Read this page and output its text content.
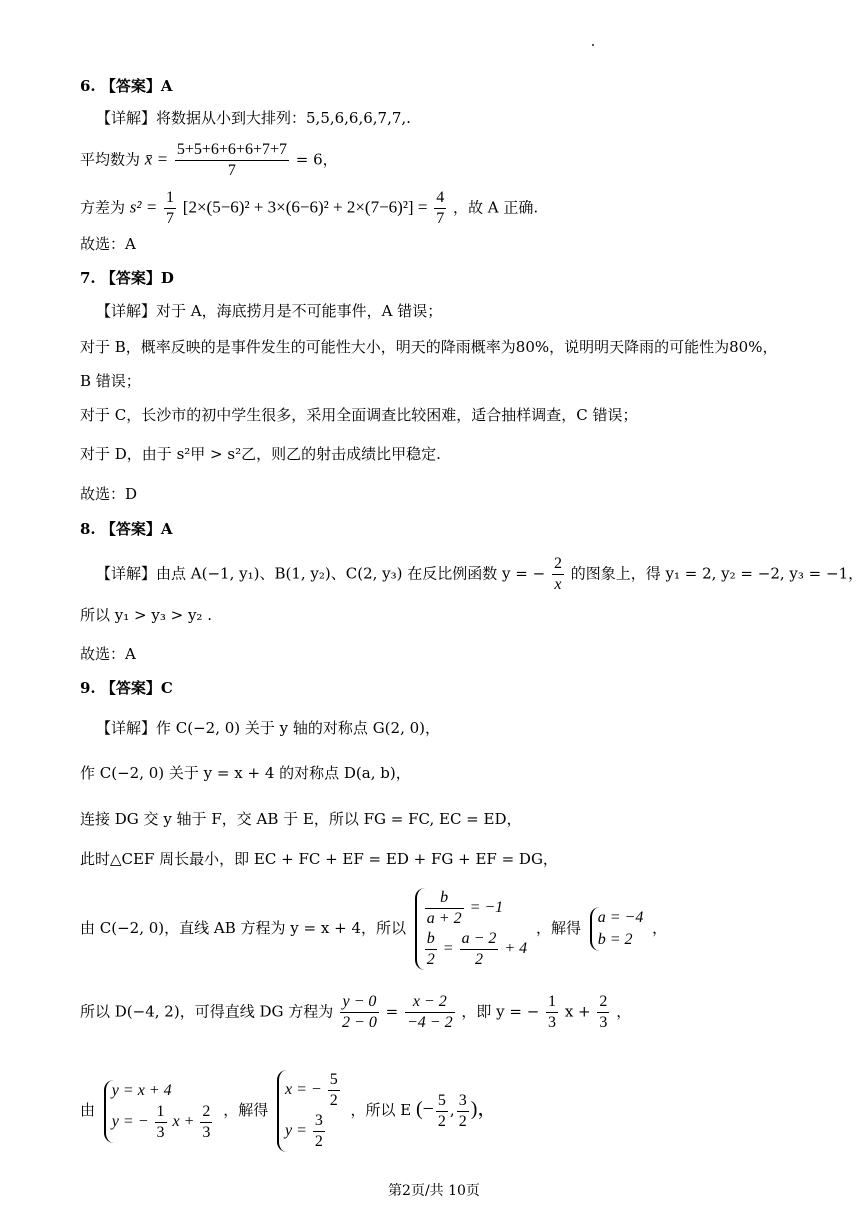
6. 【答案】A
【详解】将数据从小到大排列：5,5,6,6,6,7,7,.
平均数为 x̄ = $\frac{5+5+6+6+6+7+7}{7} = 6$，
方差为 $s^2 = \frac{1}{7} [2\times(5-6)^2 + 3\times(6-6)^2 + 2\times(7-6)^2] = \frac{4}{7}$ ，故 A 正确.
故选：A
7. 【答案】D
【详解】对于 A，海底捞月是不可能事件，A 错误；
对于 B，概率反映的是事件发生的可能性大小，明天的降雨概率为80%，说明明天降雨的可能性为80%，
B 错误；
对于 C，长沙市的初中学生很多，采用全面调查比较困难，适合抽样调查，C 错误；
对于 D，由于 s²甲 > s²乙，则乙的射击成绩比甲稳定.
故选：D
8. 【答案】A
【详解】由点 A(−1, y₁)、B(1, y₂)、C(2, y₃) 在反比例函数 y = − $\frac{2}{x}$ 的图象上，得 y₁ = 2, y₂ = −2, y₃ = −1，
所以 y₁ > y₃ > y₂ .
故选：A
9. 【答案】C
【详解】作 C(−2, 0) 关于 y 轴的对称点 G(2, 0)，
作 C(−2, 0) 关于 y = x + 4 的对称点 D(a, b)，
连接 DG 交 y 轴于 F，交 AB 于 E，所以 FG = FC, EC = ED，
此时△CEF 周长最小，即 EC + FC + EF = ED + FG + EF = DG，
由 C(−2, 0)，直线 AB 方程为 y = x + 4，所以 $\frac{b}{a + 2} = -1$
$\frac{b}{2} = \frac{a - 2}{2} + 4$
，解得
a = −4
b = 2
，
所以 D(−4, 2)，可得直线 DG 方程为 $\frac{y - 0}{2 - 0} = \frac{x - 2}{-4 - 2}$ ，即 y = − $\frac{1}{3}$ $x + \frac{2}{3}$ ，
由
y = x + 4
y = − $\frac{1}{3}$ $x + \frac{2}{3}$ ，解得
x = − $\frac{5}{2}$
$y = \frac{3}{2}$
，所以 E (− $\frac{5}{2}$ , $\frac{3}{2}$ )，
第2页/共 10页
